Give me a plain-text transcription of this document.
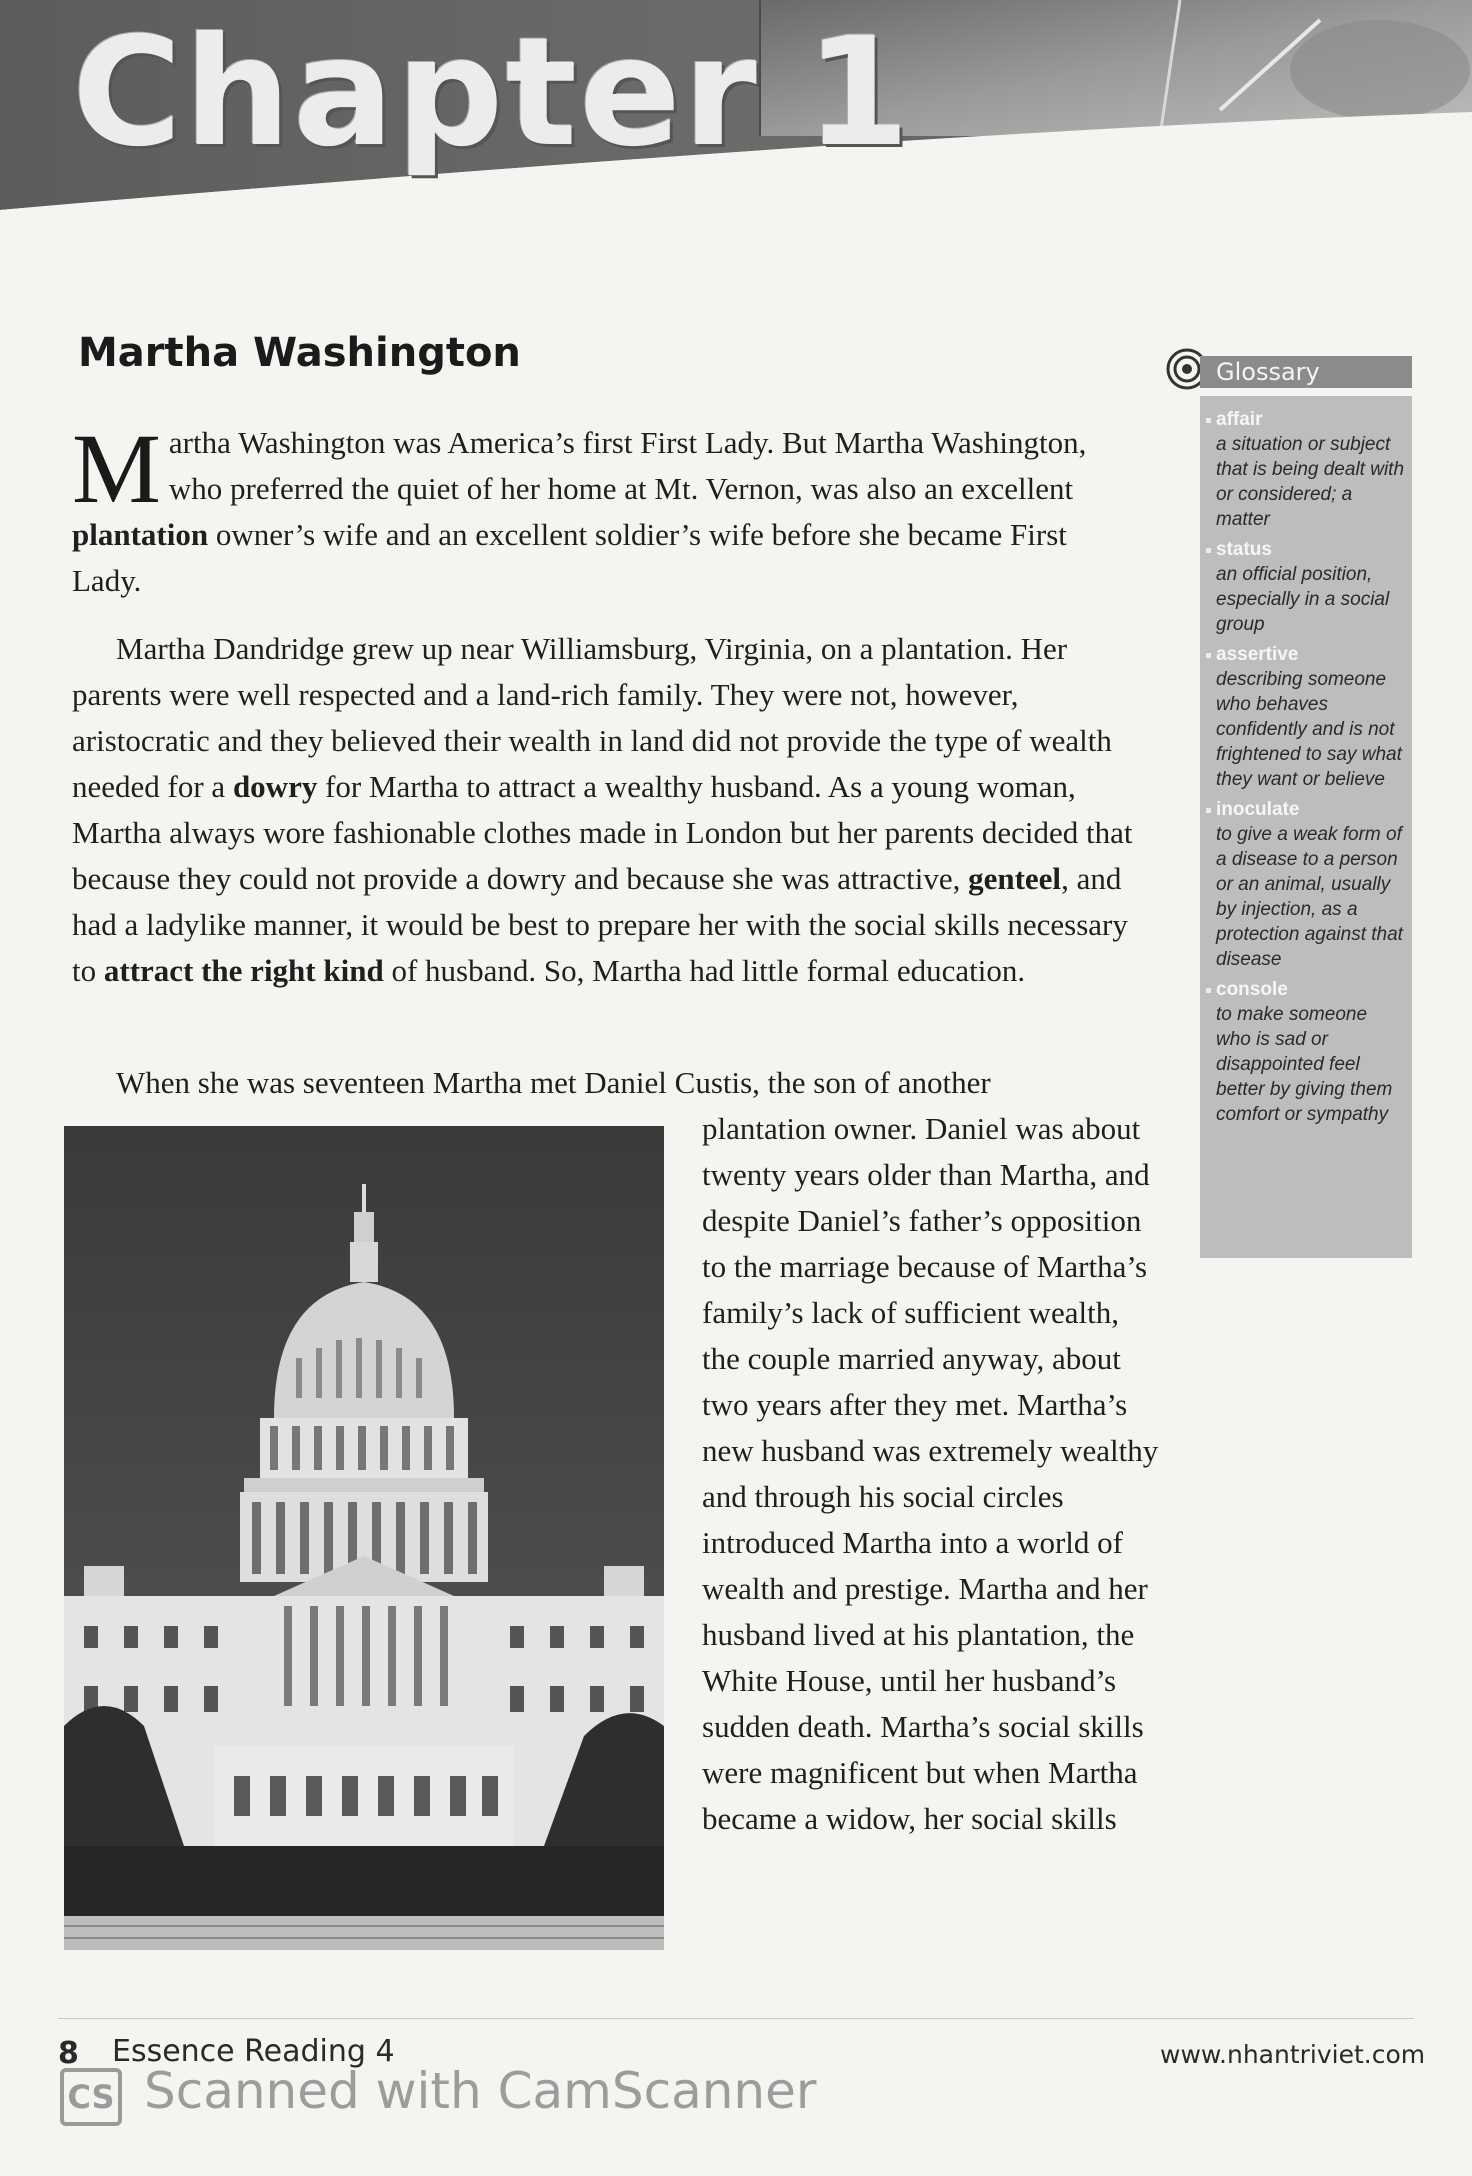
Chapter 1
Martha Washington

Martha Washington was America’s first First Lady. But Martha Washington, who preferred the quiet of her home at Mt. Vernon, was also an excellent plantation owner’s wife and an excellent soldier’s wife before she became First Lady.

Martha Dandridge grew up near Williamsburg, Virginia, on a plantation. Her parents were well respected and a land-rich family. They were not, however, aristocratic and they believed their wealth in land did not provide the type of wealth needed for a dowry for Martha to attract a wealthy husband. As a young woman, Martha always wore fashionable clothes made in London but her parents decided that because they could not provide a dowry and because she was attractive, genteel, and had a ladylike manner, it would be best to prepare her with the social skills necessary to attract the right kind of husband. So, Martha had little formal education.

When she was seventeen Martha met Daniel Custis, the son of another

plantation owner. Daniel was about twenty years older than Martha, and despite Daniel’s father’s opposition to the marriage because of Martha’s family’s lack of sufficient wealth, the couple married anyway, about two years after they met. Martha’s new husband was extremely wealthy and through his social circles introduced Martha into a world of wealth and prestige. Martha and her husband lived at his plantation, the White House, until her husband’s sudden death. Martha’s social skills were magnificent but when Martha became a widow, her social skills

Glossary
affair
a situation or subject that is being dealt with or considered; a matter
status
an official position, especially in a social group
assertive
describing someone who behaves confidently and is not frightened to say what they want or believe
inoculate
to give a weak form of a disease to a person or an animal, usually by injection, as a protection against that disease
console
to make someone who is sad or disappointed feel better by giving them comfort or sympathy
8 Essence Reading 4	www.nhantriviet.com
CS Scanned with CamScanner
